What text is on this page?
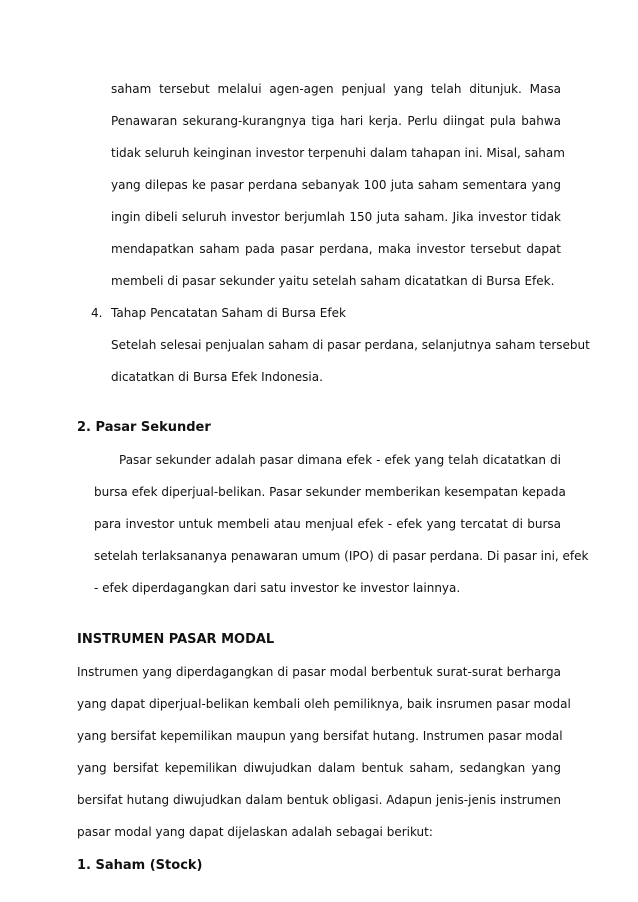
saham tersebut melalui agen-agen penjual yang telah ditunjuk. Masa

Penawaran sekurang-kurangnya tiga hari kerja. Perlu diingat pula bahwa

tidak seluruh keinginan investor terpenuhi dalam tahapan ini. Misal, saham

yang dilepas ke pasar perdana sebanyak 100 juta saham sementara yang

ingin dibeli seluruh investor berjumlah 150 juta saham. Jika investor tidak

mendapatkan saham pada pasar perdana, maka investor tersebut dapat

membeli di pasar sekunder yaitu setelah saham dicatatkan di Bursa Efek.

4. Tahap Pencatatan Saham di Bursa Efek

Setelah selesai penjualan saham di pasar perdana, selanjutnya saham tersebut

dicatatkan di Bursa Efek Indonesia.

2. Pasar Sekunder

Pasar sekunder adalah pasar dimana efek - efek yang telah dicatatkan di

bursa efek diperjual-belikan. Pasar sekunder memberikan kesempatan kepada

para investor untuk membeli atau menjual efek - efek yang tercatat di bursa

setelah terlaksananya penawaran umum (IPO) di pasar perdana. Di pasar ini, efek

- efek diperdagangkan dari satu investor ke investor lainnya.

INSTRUMEN PASAR MODAL

Instrumen yang diperdagangkan di pasar modal berbentuk surat-surat berharga

yang dapat diperjual-belikan kembali oleh pemiliknya, baik insrumen pasar modal

yang bersifat kepemilikan maupun yang bersifat hutang. Instrumen pasar modal

yang bersifat kepemilikan diwujudkan dalam bentuk saham, sedangkan yang

bersifat hutang diwujudkan dalam bentuk obligasi. Adapun jenis-jenis instrumen

pasar modal yang dapat dijelaskan adalah sebagai berikut:

1. Saham (Stock)
